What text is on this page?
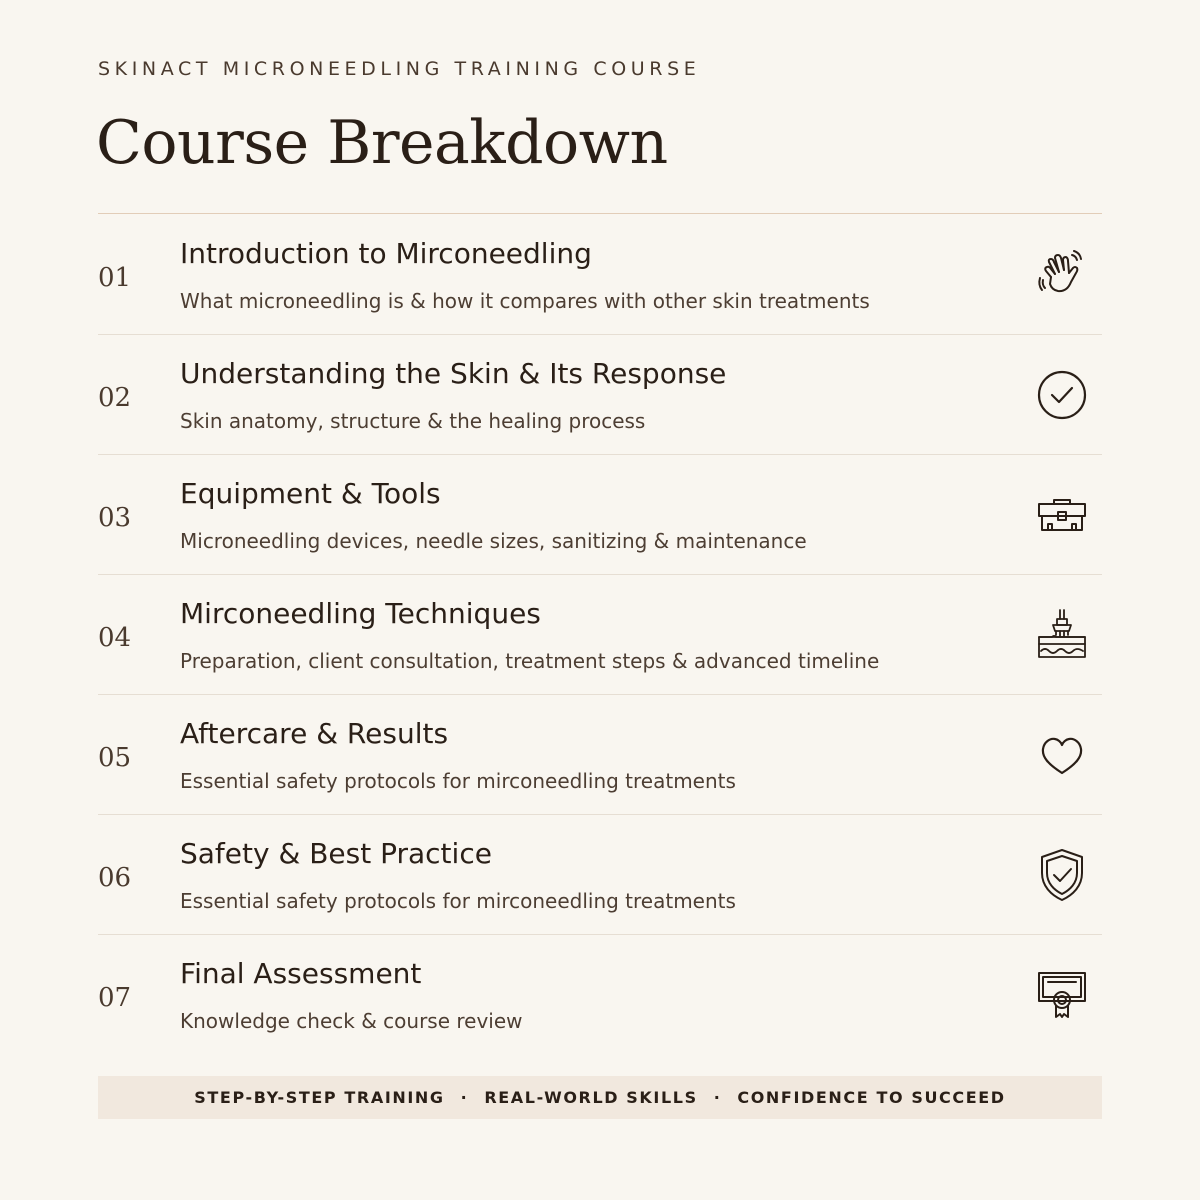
SKINACT MICRONEEDLING TRAINING COURSE
Course Breakdown
01
Introduction to Mirconeedling
What microneedling is & how it compares with other skin treatments
02
Understanding the Skin & Its Response
Skin anatomy, structure & the healing process
03
Equipment & Tools
Microneedling devices, needle sizes, sanitizing & maintenance
04
Mirconeedling Techniques
Preparation, client consultation, treatment steps & advanced timeline
05
Aftercare & Results
Essential safety protocols for mirconeedling treatments
06
Safety & Best Practice
Essential safety protocols for mirconeedling treatments
07
Final Assessment
Knowledge check & course review
STEP-BY-STEP TRAINING · REAL-WORLD SKILLS · CONFIDENCE TO SUCCEED
